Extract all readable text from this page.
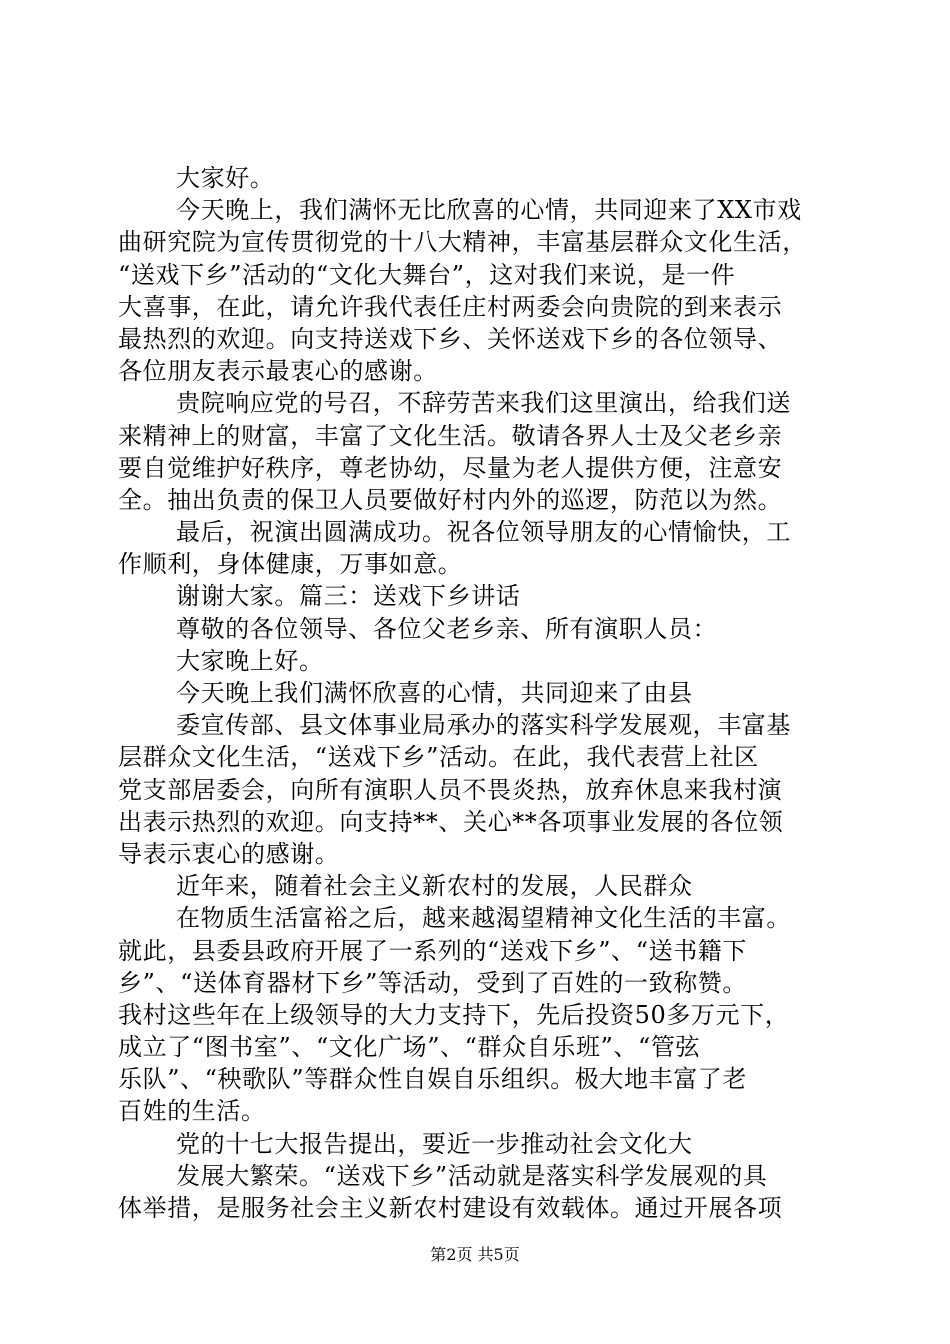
大家好。
今天晚上，我们满怀无比欣喜的心情，共同迎来了XX市戏
曲研究院为宣传贯彻党的十八大精神，丰富基层群众文化生活，
“送戏下乡”活动的“文化大舞台”，这对我们来说，是一件
大喜事，在此，请允许我代表任庄村两委会向贵院的到来表示
最热烈的欢迎。向支持送戏下乡、关怀送戏下乡的各位领导、
各位朋友表示最衷心的感谢。
贵院响应党的号召，不辞劳苦来我们这里演出，给我们送
来精神上的财富，丰富了文化生活。敬请各界人士及父老乡亲
要自觉维护好秩序，尊老协幼，尽量为老人提供方便，注意安
全。抽出负责的保卫人员要做好村内外的巡逻，防范以为然。
最后，祝演出圆满成功。祝各位领导朋友的心情愉快，工
作顺利，身体健康，万事如意。
谢谢大家。篇三：送戏下乡讲话
尊敬的各位领导、各位父老乡亲、所有演职人员：
大家晚上好。
今天晚上我们满怀欣喜的心情，共同迎来了由县
委宣传部、县文体事业局承办的落实科学发展观，丰富基
层群众文化生活，“送戏下乡”活动。在此，我代表营上社区
党支部居委会，向所有演职人员不畏炎热，放弃休息来我村演
出表示热烈的欢迎。向支持**、关心**各项事业发展的各位领
导表示衷心的感谢。
近年来，随着社会主义新农村的发展，人民群众
在物质生活富裕之后，越来越渴望精神文化生活的丰富。
就此，县委县政府开展了一系列的“送戏下乡”、“送书籍下
乡”、“送体育器材下乡”等活动，受到了百姓的一致称赞。
我村这些年在上级领导的大力支持下，先后投资50多万元下，
成立了“图书室”、“文化广场”、“群众自乐班”、“管弦
乐队”、“秧歌队”等群众性自娱自乐组织。极大地丰富了老
百姓的生活。
党的十七大报告提出，要近一步推动社会文化大
发展大繁荣。“送戏下乡”活动就是落实科学发展观的具
体举措，是服务社会主义新农村建设有效载体。通过开展各项
第2页 共5页
